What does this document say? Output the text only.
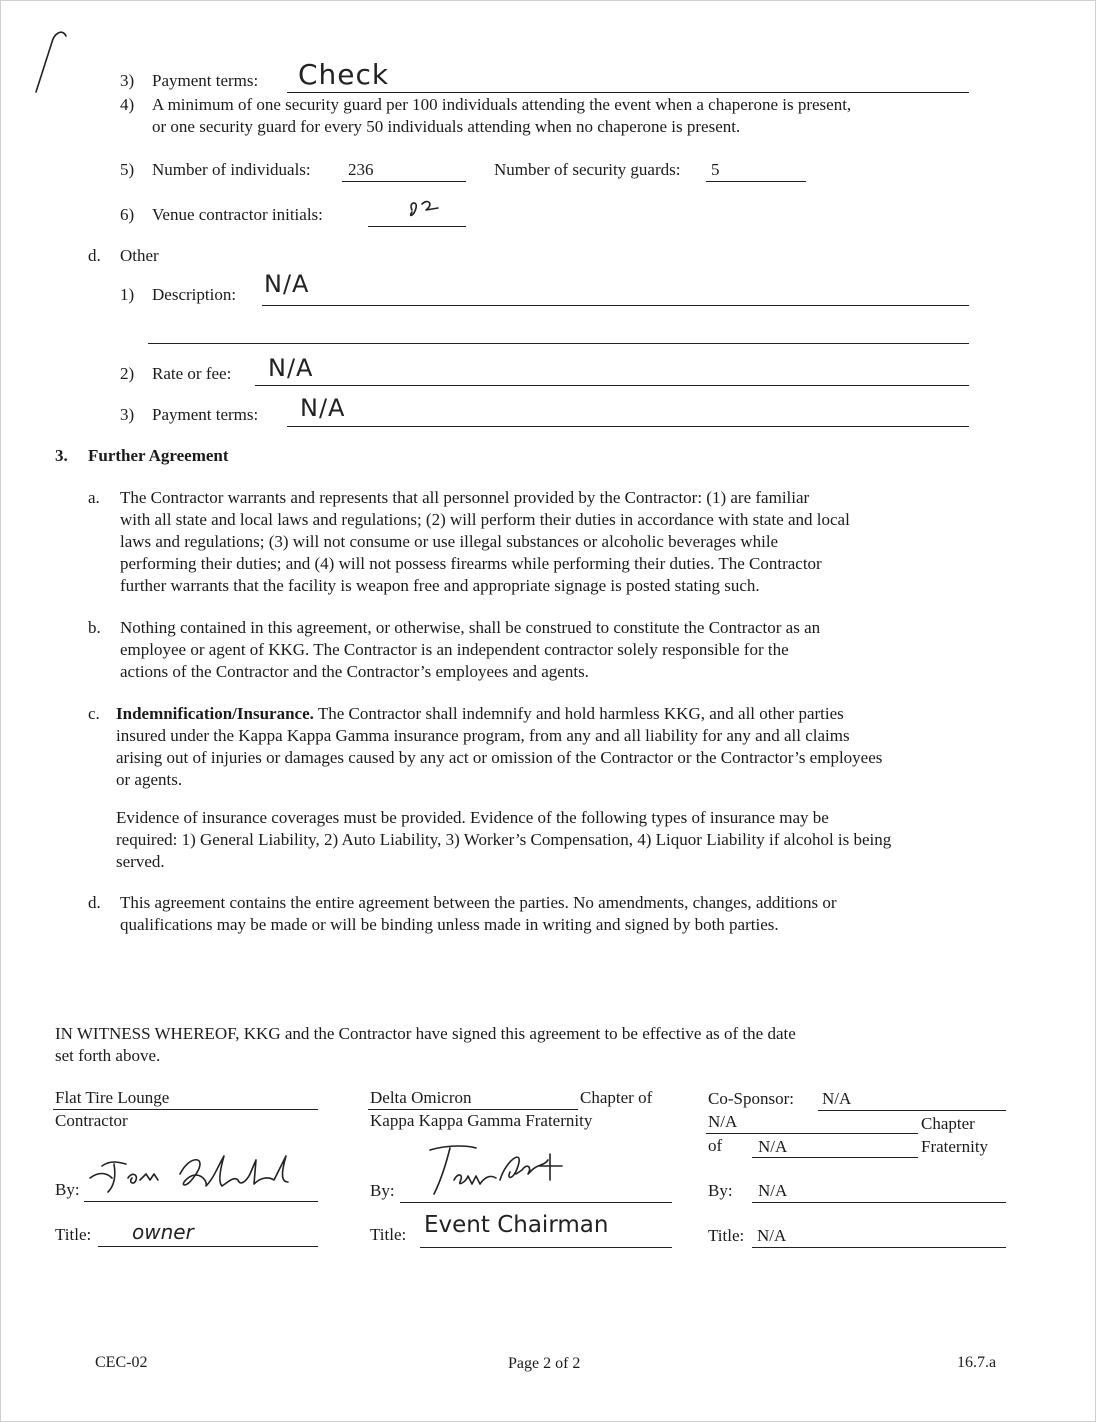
3) Payment terms: Check
4) A minimum of one security guard per 100 individuals attending the event when a chaperone is present,
or one security guard for every 50 individuals attending when no chaperone is present.
5) Number of individuals: 236	Number of security guards: 5
6) Venue contractor initials:
d. Other
1) Description: N/A
2) Rate or fee: N/A
3) Payment terms: N/A
3. Further Agreement
a. The Contractor warrants and represents that all personnel provided by the Contractor: (1) are familiar
with all state and local laws and regulations; (2) will perform their duties in accordance with state and local
laws and regulations; (3) will not consume or use illegal substances or alcoholic beverages while
performing their duties; and (4) will not possess firearms while performing their duties. The Contractor
further warrants that the facility is weapon free and appropriate signage is posted stating such.
b. Nothing contained in this agreement, or otherwise, shall be construed to constitute the Contractor as an
employee or agent of KKG. The Contractor is an independent contractor solely responsible for the
actions of the Contractor and the Contractor’s employees and agents.
c. Indemnification/Insurance. The Contractor shall indemnify and hold harmless KKG, and all other parties
insured under the Kappa Kappa Gamma insurance program, from any and all liability for any and all claims
arising out of injuries or damages caused by any act or omission of the Contractor or the Contractor’s employees
or agents.
Evidence of insurance coverages must be provided. Evidence of the following types of insurance may be
required: 1) General Liability, 2) Auto Liability, 3) Worker’s Compensation, 4) Liquor Liability if alcohol is being
served.
d. This agreement contains the entire agreement between the parties. No amendments, changes, additions or
qualifications may be made or will be binding unless made in writing and signed by both parties.
IN WITNESS WHEREOF, KKG and the Contractor have signed this agreement to be effective as of the date
set forth above.
Flat Tire Lounge
Contractor
By:
Title: owner
Delta Omicron	Chapter of
Kappa Kappa Gamma Fraternity
By:
Title: Event Chairman
Co-Sponsor: N/A
N/A	Chapter
of N/A	Fraternity
By: N/A
Title: N/A
CEC-02	Page 2 of 2	16.7.a
